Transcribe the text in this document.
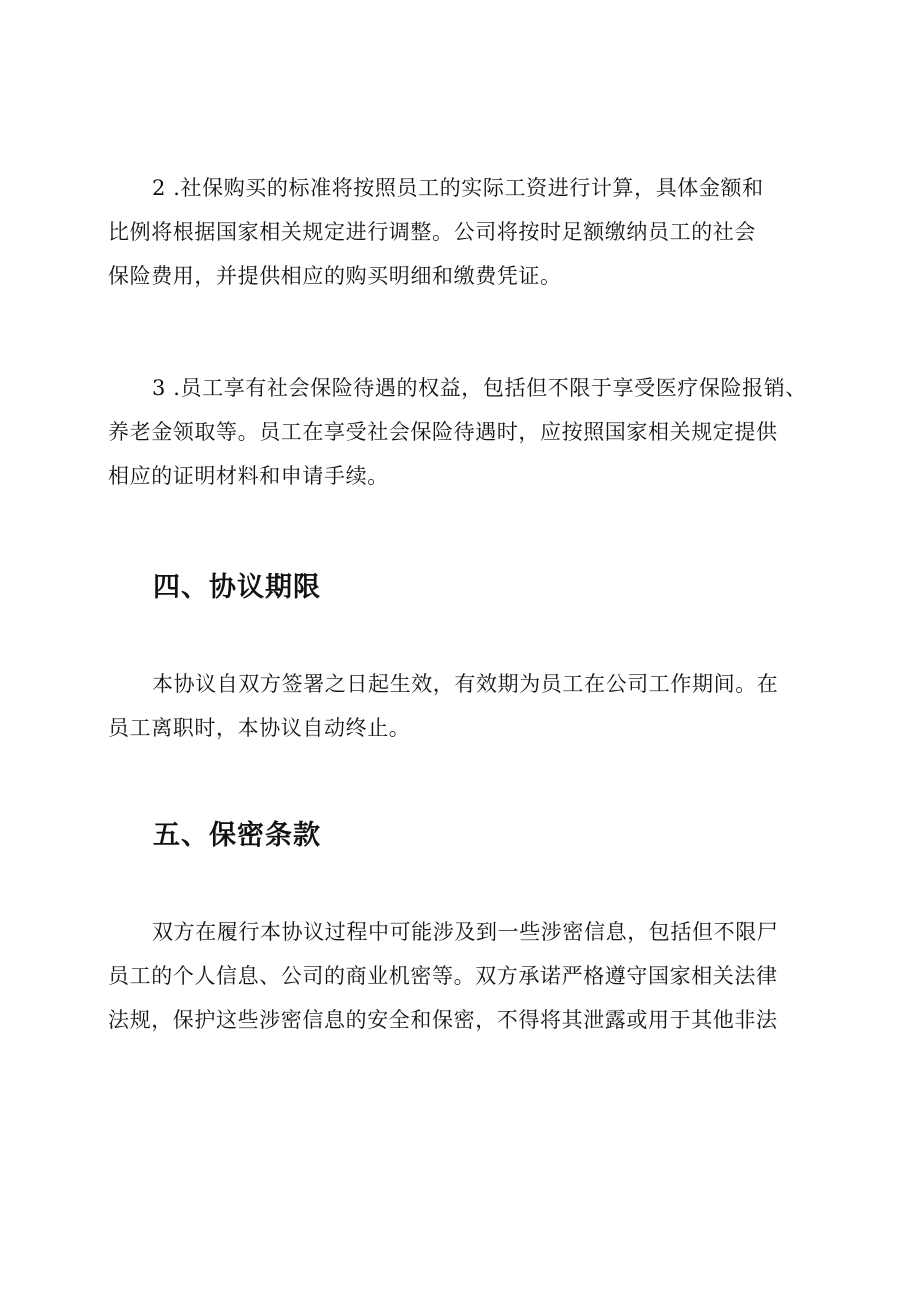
2 .社保购买的标准将按照员工的实际工资进行计算，具体金额和
比例将根据国家相关规定进行调整。公司将按时足额缴纳员工的社会
保险费用，并提供相应的购买明细和缴费凭证。

3 .员工享有社会保险待遇的权益，包括但不限于享受医疗保险报销、
养老金领取等。员工在享受社会保险待遇时，应按照国家相关规定提供
相应的证明材料和申请手续。

四、协议期限

本协议自双方签署之日起生效，有效期为员工在公司工作期间。在
员工离职时，本协议自动终止。

五、保密条款

双方在履行本协议过程中可能涉及到一些涉密信息，包括但不限尸
员工的个人信息、公司的商业机密等。双方承诺严格遵守国家相关法律
法规，保护这些涉密信息的安全和保密，不得将其泄露或用于其他非法
